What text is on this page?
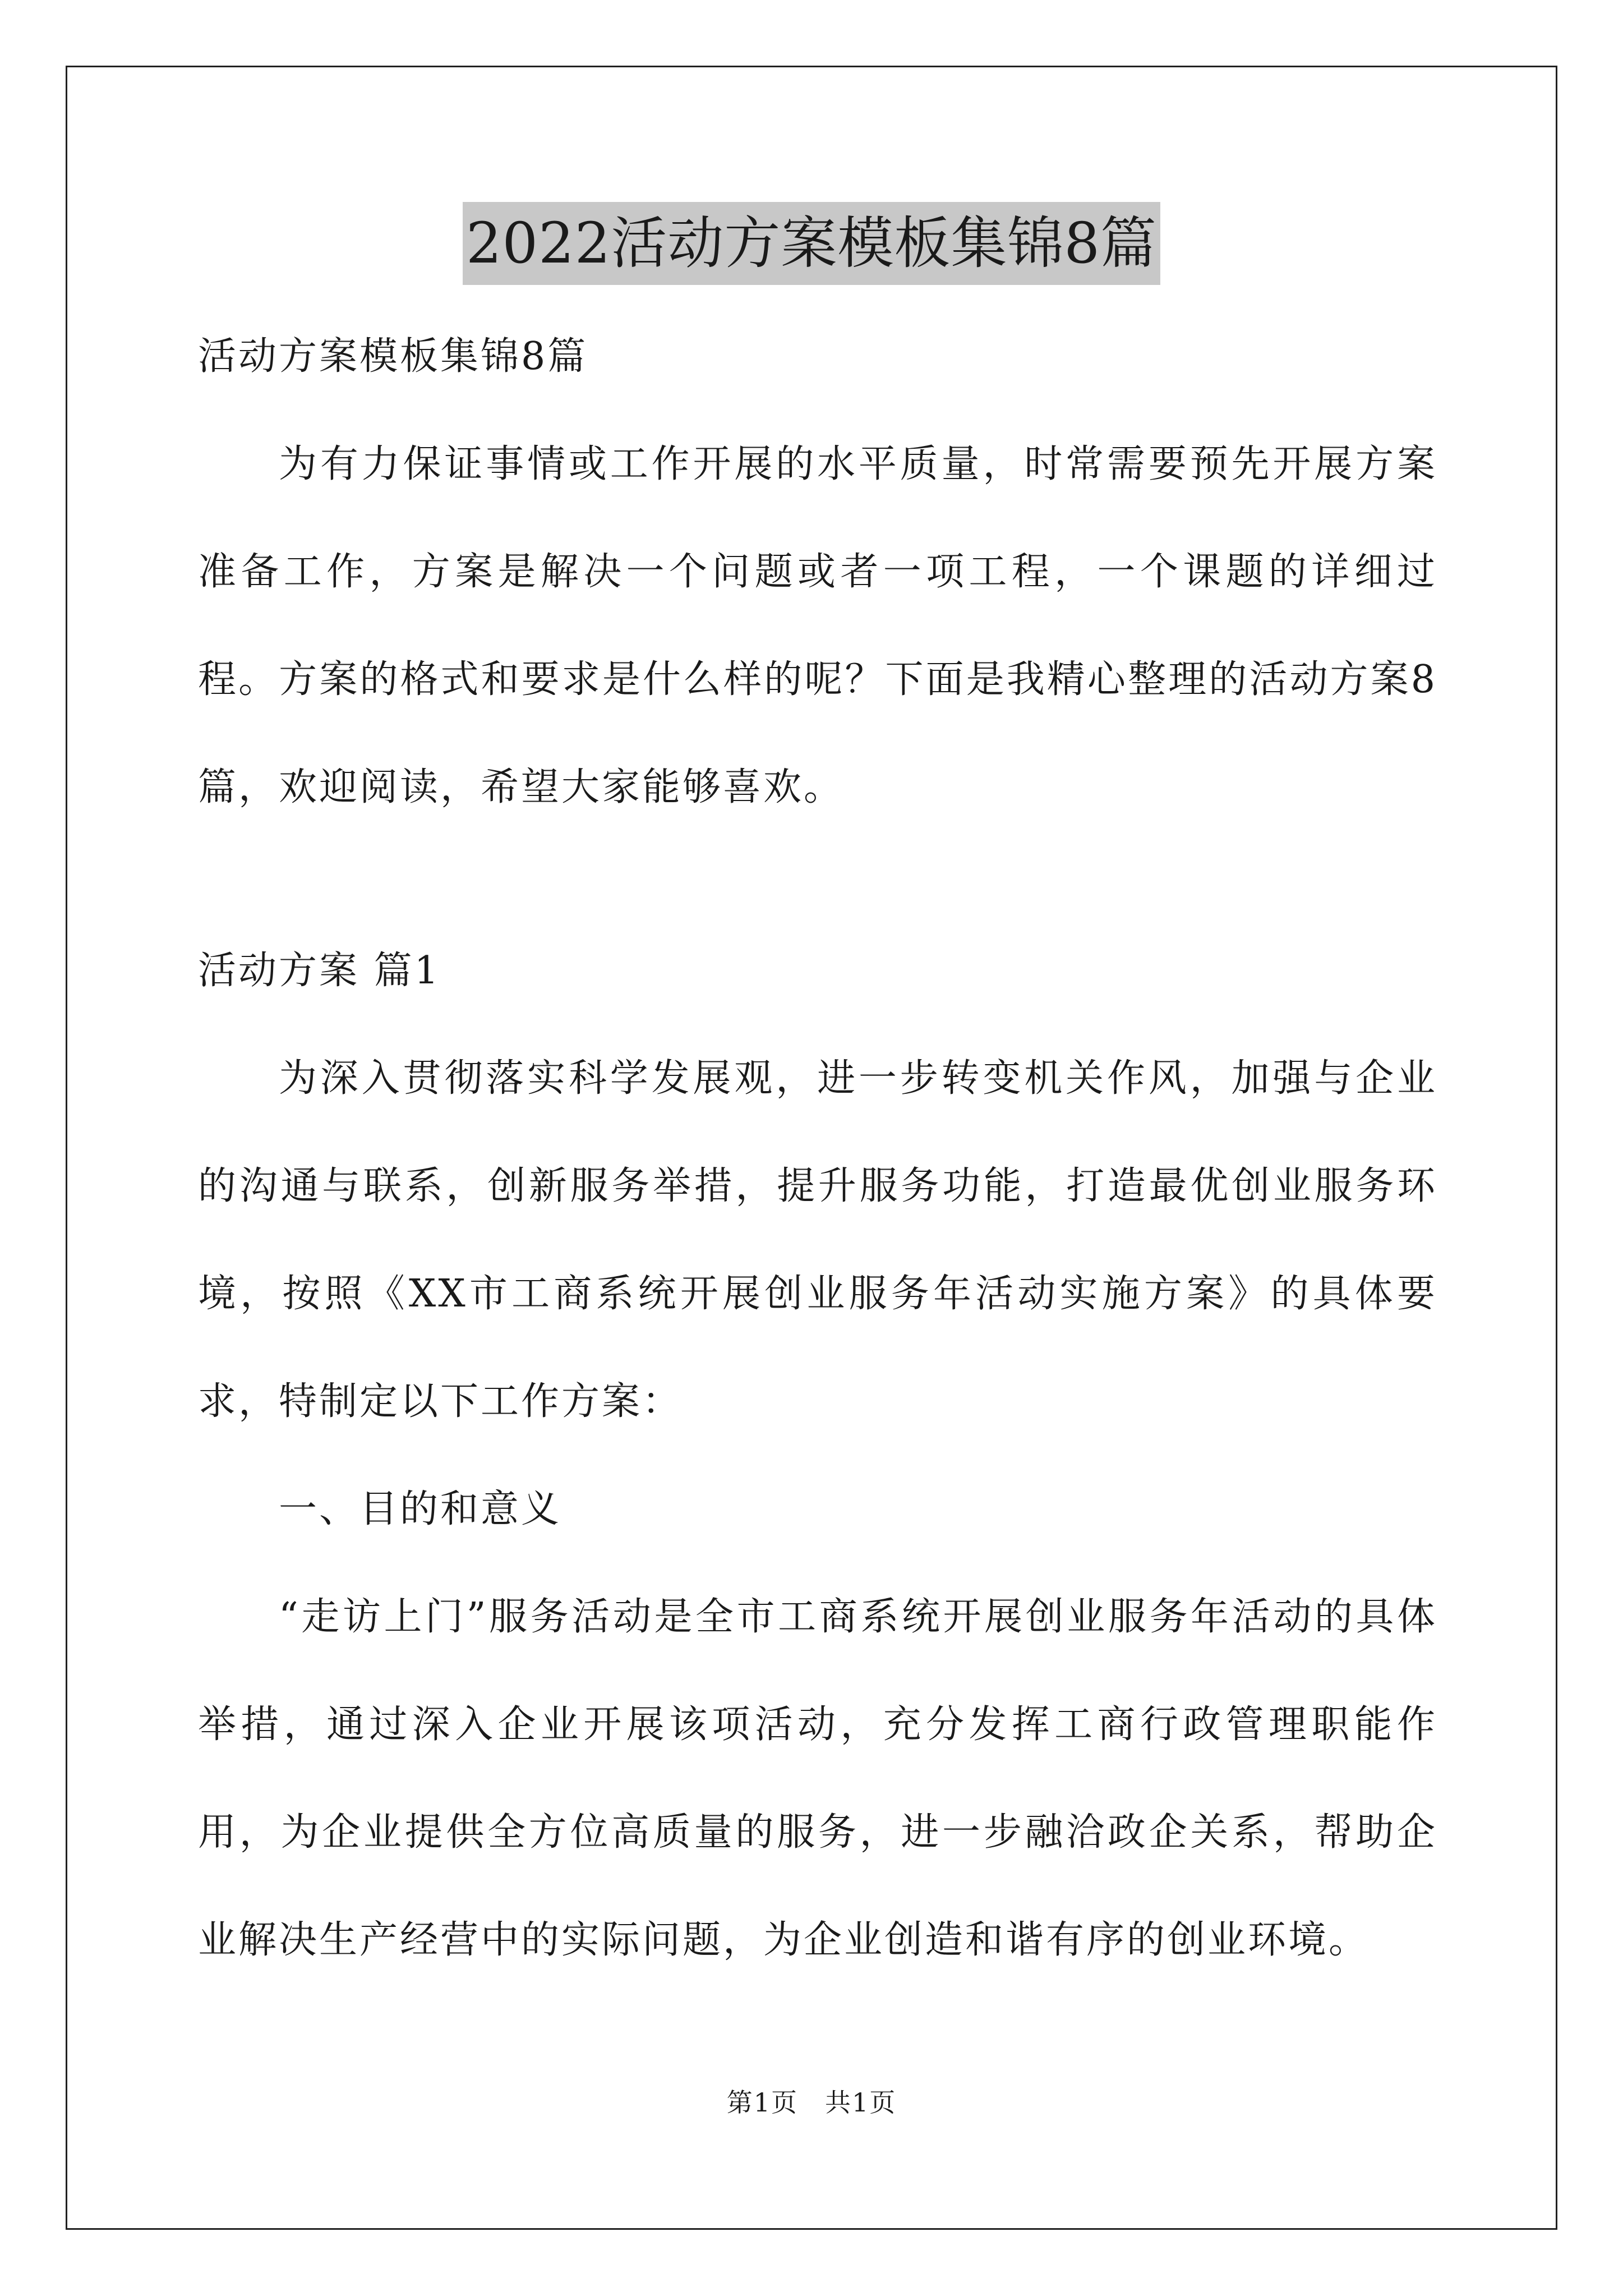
2022活动方案模板集锦8篇
活动方案模板集锦8篇

为有力保证事情或工作开展的水平质量，时常需要预先开展方案准备工作，方案是解决一个问题或者一项工程，一个课题的详细过程。方案的格式和要求是什么样的呢？下面是我精心整理的活动方案8篇，欢迎阅读，希望大家能够喜欢。

活动方案 篇1

为深入贯彻落实科学发展观，进一步转变机关作风，加强与企业的沟通与联系，创新服务举措，提升服务功能，打造最优创业服务环境，按照《XX市工商系统开展创业服务年活动实施方案》的具体要求，特制定以下工作方案：

一、目的和意义

“走访上门”服务活动是全市工商系统开展创业服务年活动的具体举措，通过深入企业开展该项活动，充分发挥工商行政管理职能作用，为企业提供全方位高质量的服务，进一步融洽政企关系，帮助企业解决生产经营中的实际问题，为企业创造和谐有序的创业环境。

第1页　共1页
